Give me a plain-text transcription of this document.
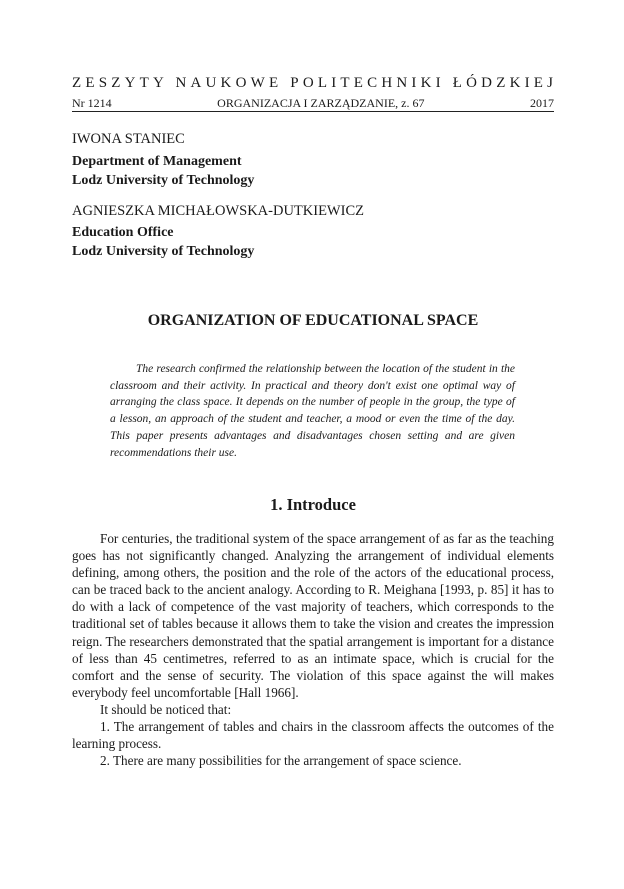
ZESZYTY NAUKOWE POLITECHNIKI ŁÓDZKIEJ
Nr 1214	ORGANIZACJA I ZARZĄDZANIE, z. 67	2017
IWONA STANIEC
Department of Management
Lodz University of Technology
AGNIESZKA MICHAŁOWSKA-DUTKIEWICZ
Education Office
Lodz University of Technology
ORGANIZATION OF EDUCATIONAL SPACE

The research confirmed the relationship between the location of the student in the classroom and their activity. In practical and theory don't exist one optimal way of arranging the class space. It depends on the number of people in the group, the type of a lesson, an approach of the student and teacher, a mood or even the time of the day. This paper presents advantages and disadvantages chosen setting and are given recommendations their use.

1. Introduce

For centuries, the traditional system of the space arrangement of as far as the teaching goes has not significantly changed. Analyzing the arrangement of individual elements defining, among others, the position and the role of the actors of the educational process, can be traced back to the ancient analogy. According to R. Meighana [1993, p. 85] it has to do with a lack of competence of the vast majority of teachers, which corresponds to the traditional set of tables because it allows them to take the vision and creates the impression reign. The researchers demonstrated that the spatial arrangement is important for a distance of less than 45 centimetres, referred to as an intimate space, which is crucial for the comfort and the sense of security. The violation of this space against the will makes everybody feel uncomfortable [Hall 1966].

It should be noticed that:

1. The arrangement of tables and chairs in the classroom affects the outcomes of the learning process.

2. There are many possibilities for the arrangement of space science.
